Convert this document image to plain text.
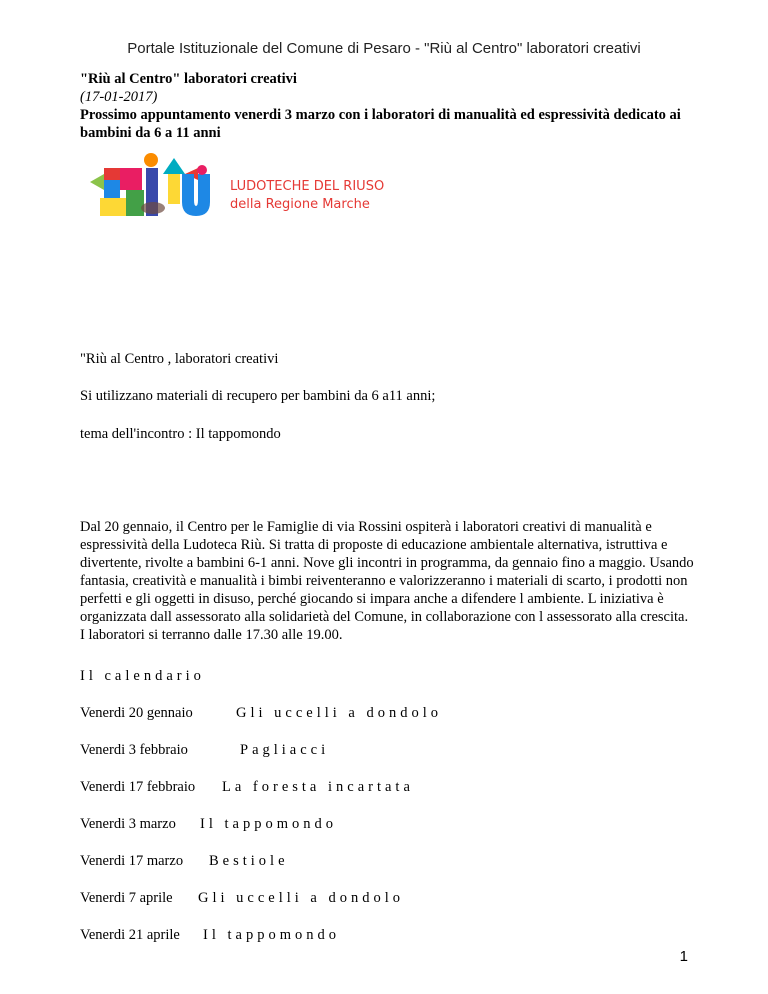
Portale Istituzionale del Comune di Pesaro - "Riù al Centro" laboratori creativi
"Riù al Centro" laboratori creativi
(17-01-2017)
Prossimo appuntamento venerdi 3 marzo con i laboratori di manualità ed espressività dedicato ai bambini da 6 a 11 anni
LUDOTECHE DEL RIUSO
della Regione Marche
"Riù al Centro , laboratori creativi
Si utilizzano materiali di recupero per bambini da 6 a11 anni;
tema dell'incontro : Il tappomondo
Dal 20 gennaio, il Centro per le Famiglie di via Rossini ospiterà i laboratori creativi di manualità e espressività della Ludoteca Riù. Si tratta di proposte di educazione ambientale alternativa, istruttiva e divertente, rivolte a bambini 6-1 anni. Nove gli incontri in programma, da gennaio fino a maggio. Usando fantasia, creatività e manualità i bimbi reiventeranno e valorizzeranno i materiali di scarto, i prodotti non perfetti e gli oggetti in disuso, perché giocando si impara anche a difendere l ambiente. L iniziativa è organizzata dall assessorato alla solidarietà del Comune, in collaborazione con l assessorato alla crescita. I laboratori si terranno dalle 17.30 alle 19.00.
Il calendario
Venerdi 20 gennaio	Gli uccelli a dondolo
Venerdi 3 febbraio	Pagliacci
Venerdi 17 febbraio La foresta incartata
Venerdi 3 marzo Il tappomondo
Venerdi 17 marzo Bestiole
Venerdi 7 aprile Gli uccelli a dondolo
Venerdi 21 aprile Il tappomondo
1
